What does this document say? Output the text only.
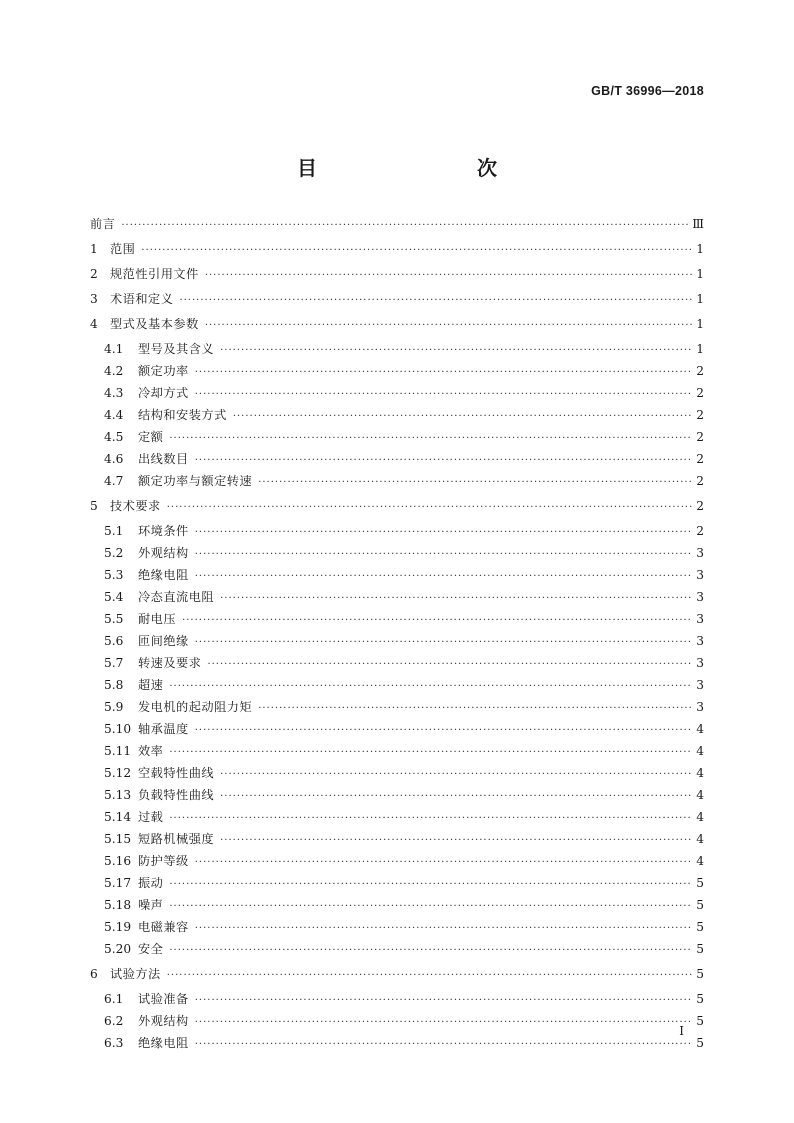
GB/T 36996—2018
目　　次
前言 ·····	Ⅲ
1	范围 ·····	1
2	规范性引用文件 ·····	1
3	术语和定义 ·····	1
4	型式及基本参数 ·····	1
4.1	型号及其含义 ·····	1
4.2	额定功率 ·····	2
4.3	冷却方式 ·····	2
4.4	结构和安装方式 ·····	2
4.5	定额 ·····	2
4.6	出线数目 ·····	2
4.7	额定功率与额定转速 ·····	2
5	技术要求 ·····	2
5.1	环境条件 ·····	2
5.2	外观结构 ·····	3
5.3	绝缘电阻 ·····	3
5.4	冷态直流电阻 ·····	3
5.5	耐电压 ·····	3
5.6	匝间绝缘 ·····	3
5.7	转速及要求 ·····	3
5.8	超速 ·····	3
5.9	发电机的起动阻力矩 ·····	3
5.10 轴承温度 ·····	4
5.11 效率 ·····	4
5.12 空载特性曲线 ·····	4
5.13 负载特性曲线 ·····	4
5.14 过载 ·····	4
5.15 短路机械强度 ·····	4
5.16 防护等级 ·····	4
5.17 振动 ·····	5
5.18 噪声 ·····	5
5.19 电磁兼容 ·····	5
5.20 安全 ·····	5
6	试验方法 ·····	5
6.1	试验准备 ·····	5
6.2	外观结构 ·····	5
6.3	绝缘电阻 ·····	5
I
